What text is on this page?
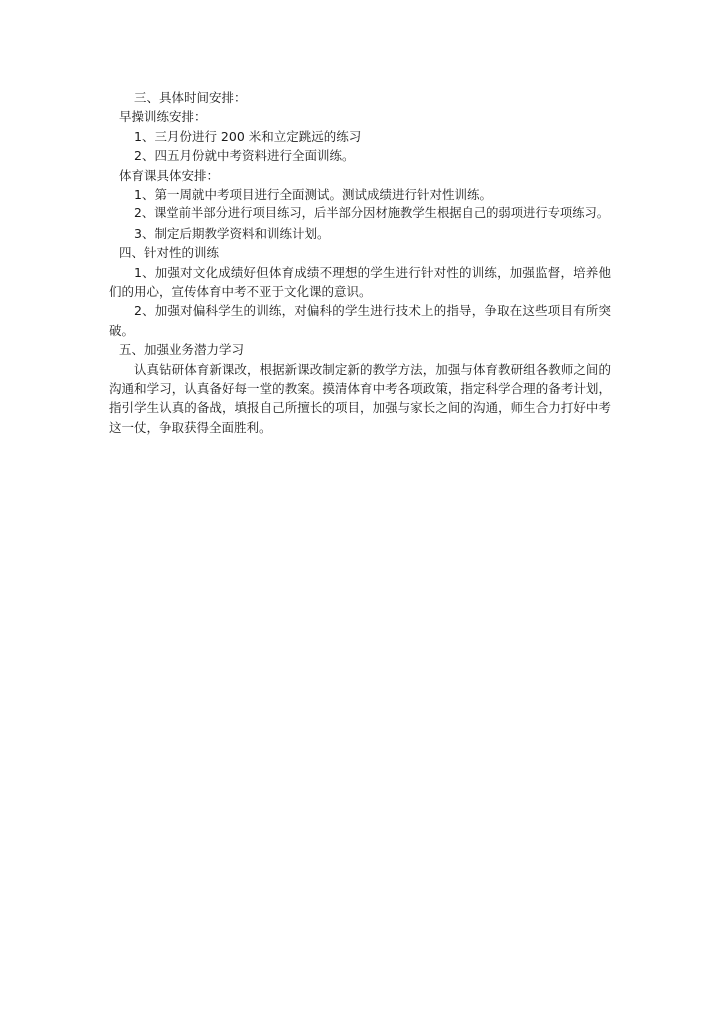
三、具体时间安排：
早操训练安排：
1、三月份进行 200 米和立定跳远的练习
2、四五月份就中考资料进行全面训练。
体育课具体安排：
1、第一周就中考项目进行全面测试。测试成绩进行针对性训练。
2、课堂前半部分进行项目练习，后半部分因材施教学生根据自己的弱项进行专项练习。
3、制定后期教学资料和训练计划。
四、针对性的训练
1、加强对文化成绩好但体育成绩不理想的学生进行针对性的训练，加强监督，培养他们的用心，宣传体育中考不亚于文化课的意识。
2、加强对偏科学生的训练，对偏科的学生进行技术上的指导，争取在这些项目有所突破。
五、加强业务潜力学习
认真钻研体育新课改，根据新课改制定新的教学方法，加强与体育教研组各教师之间的沟通和学习，认真备好每一堂的教案。摸清体育中考各项政策，指定科学合理的备考计划，指引学生认真的备战，填报自己所擅长的项目，加强与家长之间的沟通，师生合力打好中考这一仗，争取获得全面胜利。
